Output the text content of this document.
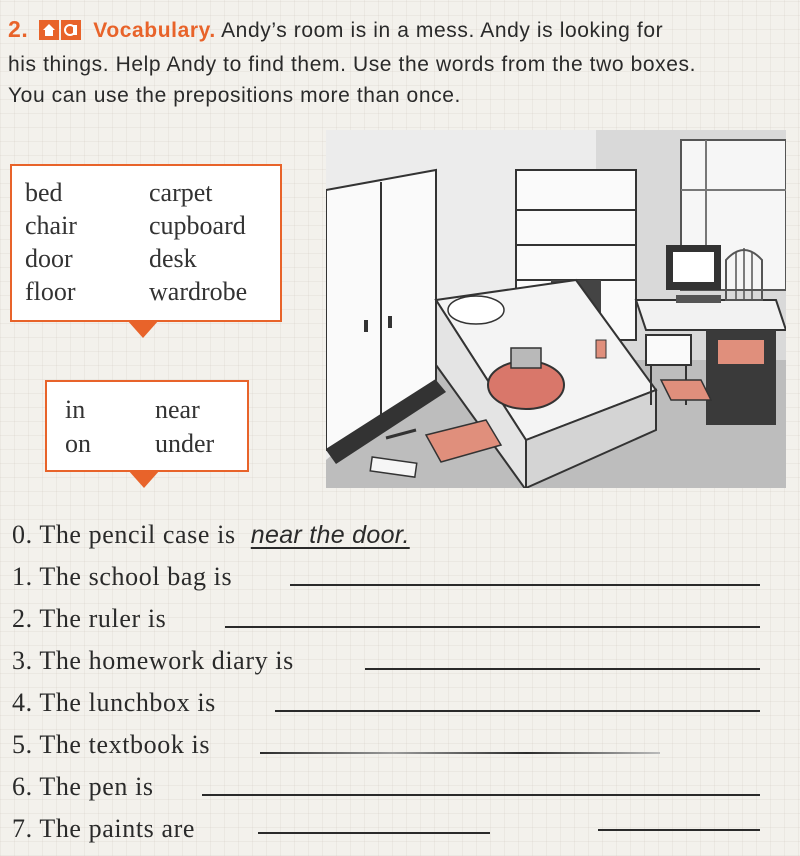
2.	Vocabulary. Andy’s room is in a mess. Andy is looking for his things. Help Andy to find them. Use the words from the two boxes. You can use the prepositions more than once.
bed	carpet
chair	cupboard
door	desk
floor	wardrobe
in	near
on	under
0. The pencil case is near the door.
1. The school bag is
2. The ruler is
3. The homework diary is
4. The lunchbox is
5. The textbook is
6. The pen is
7. The paints are
